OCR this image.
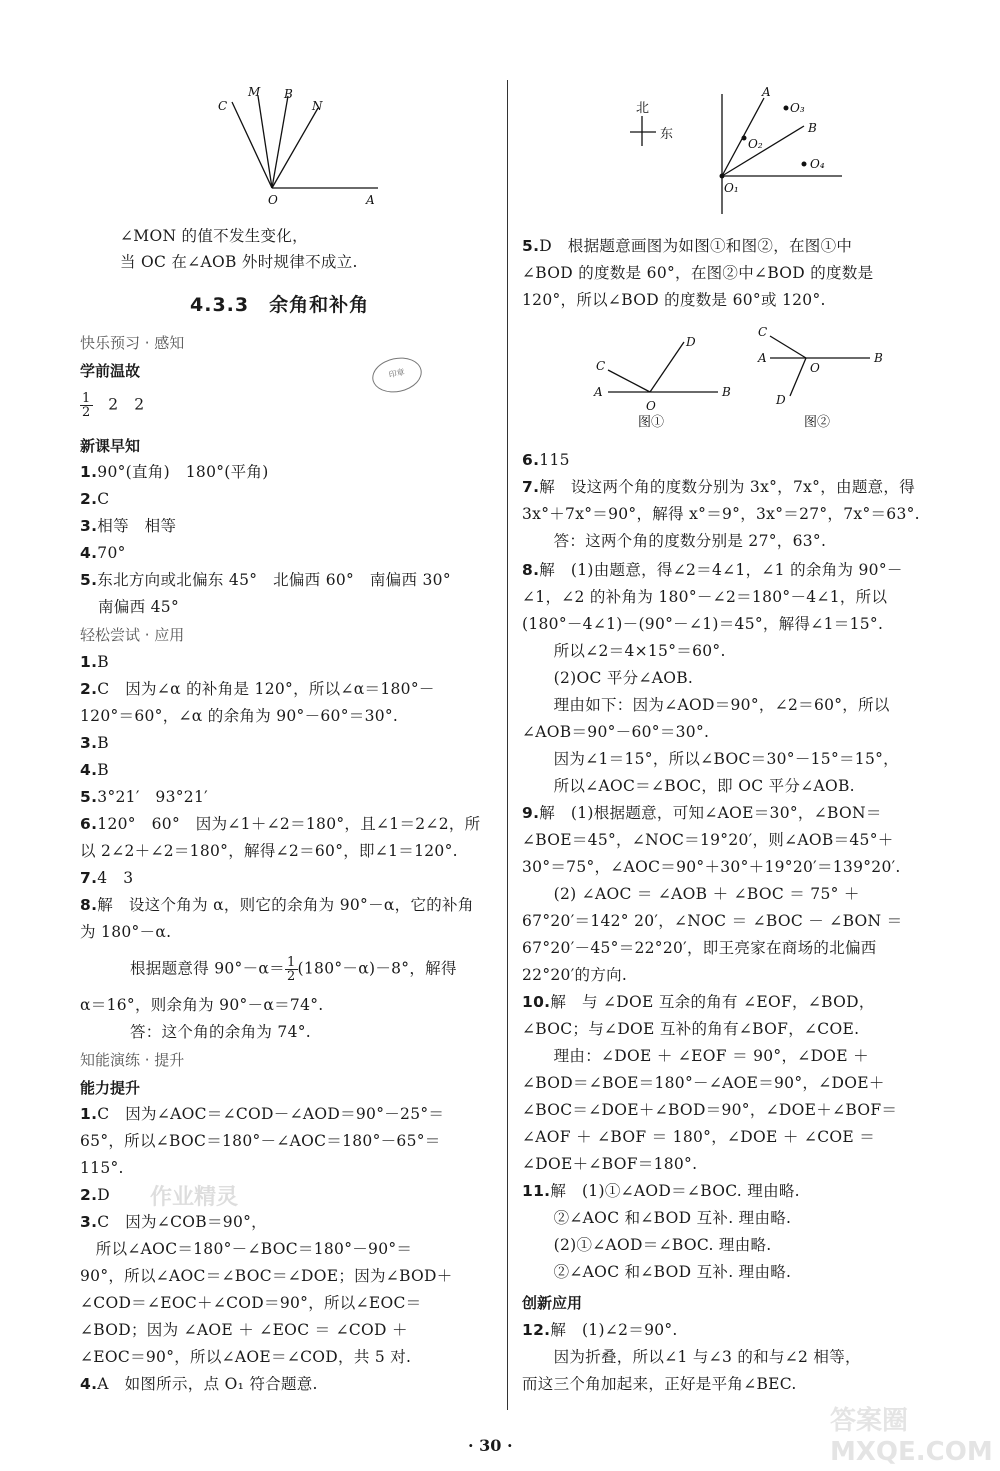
C
M B
N
O	A
∠MON 的值不发生变化，
当 OC 在∠AOB 外时规律不成立.
4.3.3　余角和补角
快乐预习 · 感知
印章
学前温故
$\frac{1}{2} 2$　2
新课早知
1.90°(直角)　180°(平角)
2.C
3.相等　相等
4.70°
5.东北方向或北偏东 45°　北偏西 60°　南偏西 30°
南偏西 45°
轻松尝试 · 应用
1.B
2.C　因为∠α 的补角是 120°，所以∠α＝180°－
120°＝60°，∠α 的余角为 90°－60°＝30°.
3.B
4.B
5.3°21′　93°21′
6.120°　60°　因为∠1＋∠2＝180°，且∠1＝2∠2，所
以 2∠2＋∠2＝180°，解得∠2＝60°，即∠1＝120°.
7.4　3
8.解　设这个角为 α，则它的余角为 90°－α，它的补角
为 180°－α.
根据题意得 $90^\circ-\alpha= \frac{1}{2} (180^\circ-\alpha)-8^\circ$，解得
α＝16°，则余角为 90°－α＝74°.
答：这个角的余角为 74°.
知能演练 · 提升
能力提升
1.C　因为∠AOC＝∠COD－∠AOD＝90°－25°＝
65°，所以∠BOC＝180°－∠AOC＝180°－65°＝
115°.
2.D 作业精灵
3.C　因为∠COB＝90°，
　所以∠AOC＝180°－∠BOC＝180°－90°＝
90°，所以∠AOC＝∠BOC＝∠DOE；因为∠BOD＋
∠COD＝∠EOC＋∠COD＝90°，所以∠EOC＝
∠BOD；因为 ∠AOE ＋ ∠EOC ＝ ∠COD ＋
∠EOC＝90°，所以∠AOE＝∠COD，共 5 对.
4.A　如图所示，点 O₁ 符合题意.
北
东
A
O₃
B
O₂
O₄
O₁
5.D　根据题意画图为如图①和图②，在图①中
∠BOD 的度数是 60°，在图②中∠BOD 的度数是
120°，所以∠BOD 的度数是 60°或 120°.
D
C
A
O
B
图①
C
A
O
B
D
图②
6.115
7.解　设这两个角的度数分别为 3x°，7x°，由题意，得
3x°＋7x°＝90°，解得 x°＝9°，3x°＝27°，7x°＝63°.
　　答：这两个角的度数分别是 27°，63°.
8.解　(1)由题意，得∠2＝4∠1，∠1 的余角为 90°－
∠1，∠2 的补角为 180°－∠2＝180°－4∠1，所以
(180°－4∠1)－(90°－∠1)＝45°，解得∠1＝15°.
　　所以∠2＝4×15°＝60°.
　　(2)OC 平分∠AOB.
　　理由如下：因为∠AOD＝90°，∠2＝60°，所以
∠AOB＝90°－60°＝30°.
　　因为∠1＝15°，所以∠BOC＝30°－15°＝15°，
　　所以∠AOC＝∠BOC，即 OC 平分∠AOB.
9.解　(1)根据题意，可知∠AOE＝30°，∠BON＝
∠BOE＝45°，∠NOC＝19°20′，则∠AOB＝45°＋
30°＝75°，∠AOC＝90°＋30°＋19°20′＝139°20′.
　　(2) ∠AOC ＝ ∠AOB ＋ ∠BOC ＝ 75° ＋
67°20′＝142° 20′，∠NOC ＝ ∠BOC － ∠BON ＝
67°20′－45°＝22°20′，即王亮家在商场的北偏西
22°20′的方向.
10.解　与 ∠DOE 互余的角有 ∠EOF，∠BOD，
∠BOC；与∠DOE 互补的角有∠BOF，∠COE.
　　理由：∠DOE ＋ ∠EOF ＝ 90°，∠DOE ＋
∠BOD＝∠BOE＝180°－∠AOE＝90°，∠DOE＋
∠BOC＝∠DOE＋∠BOD＝90°，∠DOE＋∠BOF＝
∠AOF ＋ ∠BOF ＝ 180°，∠DOE ＋ ∠COE ＝
∠DOE＋∠BOF＝180°.
11.解　(1)①∠AOD＝∠BOC. 理由略.
　　②∠AOC 和∠BOD 互补. 理由略.
　　(2)①∠AOD＝∠BOC. 理由略.
　　②∠AOC 和∠BOD 互补. 理由略.
创新应用
12.解　(1)∠2＝90°.
　　因为折叠，所以∠1 与∠3 的和与∠2 相等，
而这三个角加起来，正好是平角∠BEC.
答案圈 MXQE.COM
· 30 ·
